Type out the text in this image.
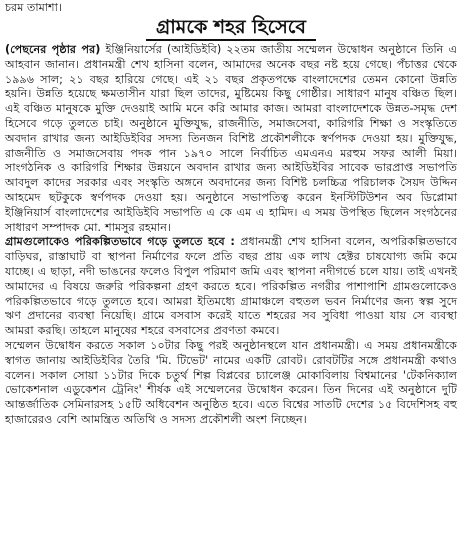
চরম তামাশা।
গ্রামকে শহর হিসেবে

(পেছনের পৃষ্ঠার পর) ইঞ্জিনিয়ার্সের (আইডিইবি) ২২তম জাতীয় সম্মেলন উদ্বোধন অনুষ্ঠানে তিনি এ আহবান জানান। প্রধানমন্ত্রী শেখ হাসিনা বলেন, আমাদের অনেক বছর নষ্ট হয়ে গেছে। পঁচাত্তর থেকে ১৯৯৬ সাল; ২১ বছর হারিয়ে গেছে। এই ২১ বছর প্রকৃতপক্ষে বাংলাদেশের তেমন কোনো উন্নতি হয়নি। উন্নতি হয়েছে ক্ষমতাসীন যারা ছিল তাদের, মুষ্টিমেয় কিছু গোষ্ঠীর। সাধারণ মানুষ বঞ্চিত ছিল। এই বঞ্চিত মানুষকে মুক্তি দেওয়াই আমি মনে করি আমার কাজ। আমরা বাংলাদেশকে উন্নত-সমৃদ্ধ দেশ হিসেবে গড়ে তুলতে চাই। অনুষ্ঠানে মুক্তিযুদ্ধ, রাজনীতি, সমাজসেবা, কারিগরি শিক্ষা ও সংস্কৃতিতে অবদান রাখার জন্য আইডিইবির সদস্য তিনজন বিশিষ্ট প্রকৌশলীকে স্বর্ণপদক দেওয়া হয়। মুক্তিযুদ্ধ, রাজনীতি ও সমাজসেবায় পদক পান ১৯৭০ সালে নির্বাচিত এমএনএ মরহুম সফর আলী মিয়া। সাংগঠনিক ও কারিগরি শিক্ষার উন্নয়নে অবদান রাখার জন্য আইডিইবির সাবেক ভারপ্রাপ্ত সভাপতি আবদুল কাদের সরকার এবং সংস্কৃতি অঙ্গনে অবদানের জন্য বিশিষ্ট চলচ্চিত্র পরিচালক সৈয়দ উদ্দিন আহমেদ ছটকুকে স্বর্ণপদক দেওয়া হয়। অনুষ্ঠানে সভাপতিত্ব করেন ইনস্টিটিউশন অব ডিপ্লোমা ইঞ্জিনিয়ার্স বাংলাদেশের আইডিইবি সভাপতি এ কে এম এ হামিদ। এ সময় উপস্থিত ছিলেন সংগঠনের সাধারণ সম্পাদক মো. শামসুর রহমান।

গ্রামগুলোকেও পরিকল্পিতভাবে গড়ে তুলতে হবে : প্রধানমন্ত্রী শেখ হাসিনা বলেন, অপরিকল্পিতভাবে বাড়িঘর, রাস্তাঘাট বা স্থাপনা নির্মাণের ফলে প্রতি বছর প্রায় এক লাখ হেক্টর চাষযোগ্য জমি কমে যাচ্ছে। এ ছাড়া, নদী ভাঙনের ফলেও বিপুল পরিমাণ জমি এবং স্থাপনা নদীগর্ভে চলে যায়। তাই এখনই আমাদের এ বিষয়ে জরুরি পরিকল্পনা গ্রহণ করতে হবে। পরিকল্পিত নগরীর পাশাপাশি গ্রামগুলোকেও পরিকল্পিতভাবে গড়ে তুলতে হবে। আমরা ইতিমধ্যে গ্রামাঞ্চলে বহুতল ভবন নির্মাণের জন্য স্বল্প সুদে ঋণ প্রদানের ব্যবস্থা নিয়েছি। গ্রামে বসবাস করেই যাতে শহরের সব সুবিধা পাওয়া যায় সে ব্যবস্থা আমরা করছি। তাহলে মানুষের শহরে বসবাসের প্রবণতা কমবে।

সম্মেলন উদ্বোধন করতে সকাল ১০টার কিছু পরই অনুষ্ঠানস্থলে যান প্রধানমন্ত্রী। এ সময় প্রধানমন্ত্রীকে স্বাগত জানায় আইডিইবির তৈরি 'মি. টিভেট' নামের একটি রোবট। রোবটটির সঙ্গে প্রধানমন্ত্রী কথাও বলেন। সকাল সোয়া ১১টার দিকে চতুর্থ শিল্প বিপ্লবের চ্যালেঞ্জ মোকাবিলায় বিশ্বমানের 'টেকনিক্যাল ভোকেশনাল এডুকেশন ট্রেনিং' শীর্ষক এই সম্মেলনের উদ্বোধন করেন। তিন দিনের এই অনুষ্ঠানে দুটি আন্তর্জাতিক সেমিনারসহ ১৫টি অধিবেশন অনুষ্ঠিত হবে। এতে বিশ্বের সাতটি দেশের ১৫ বিদেশিসহ বহু হাজারেরও বেশি আমন্ত্রিত অতিথি ও সদস্য প্রকৌশলী অংশ নিচ্ছেন।
